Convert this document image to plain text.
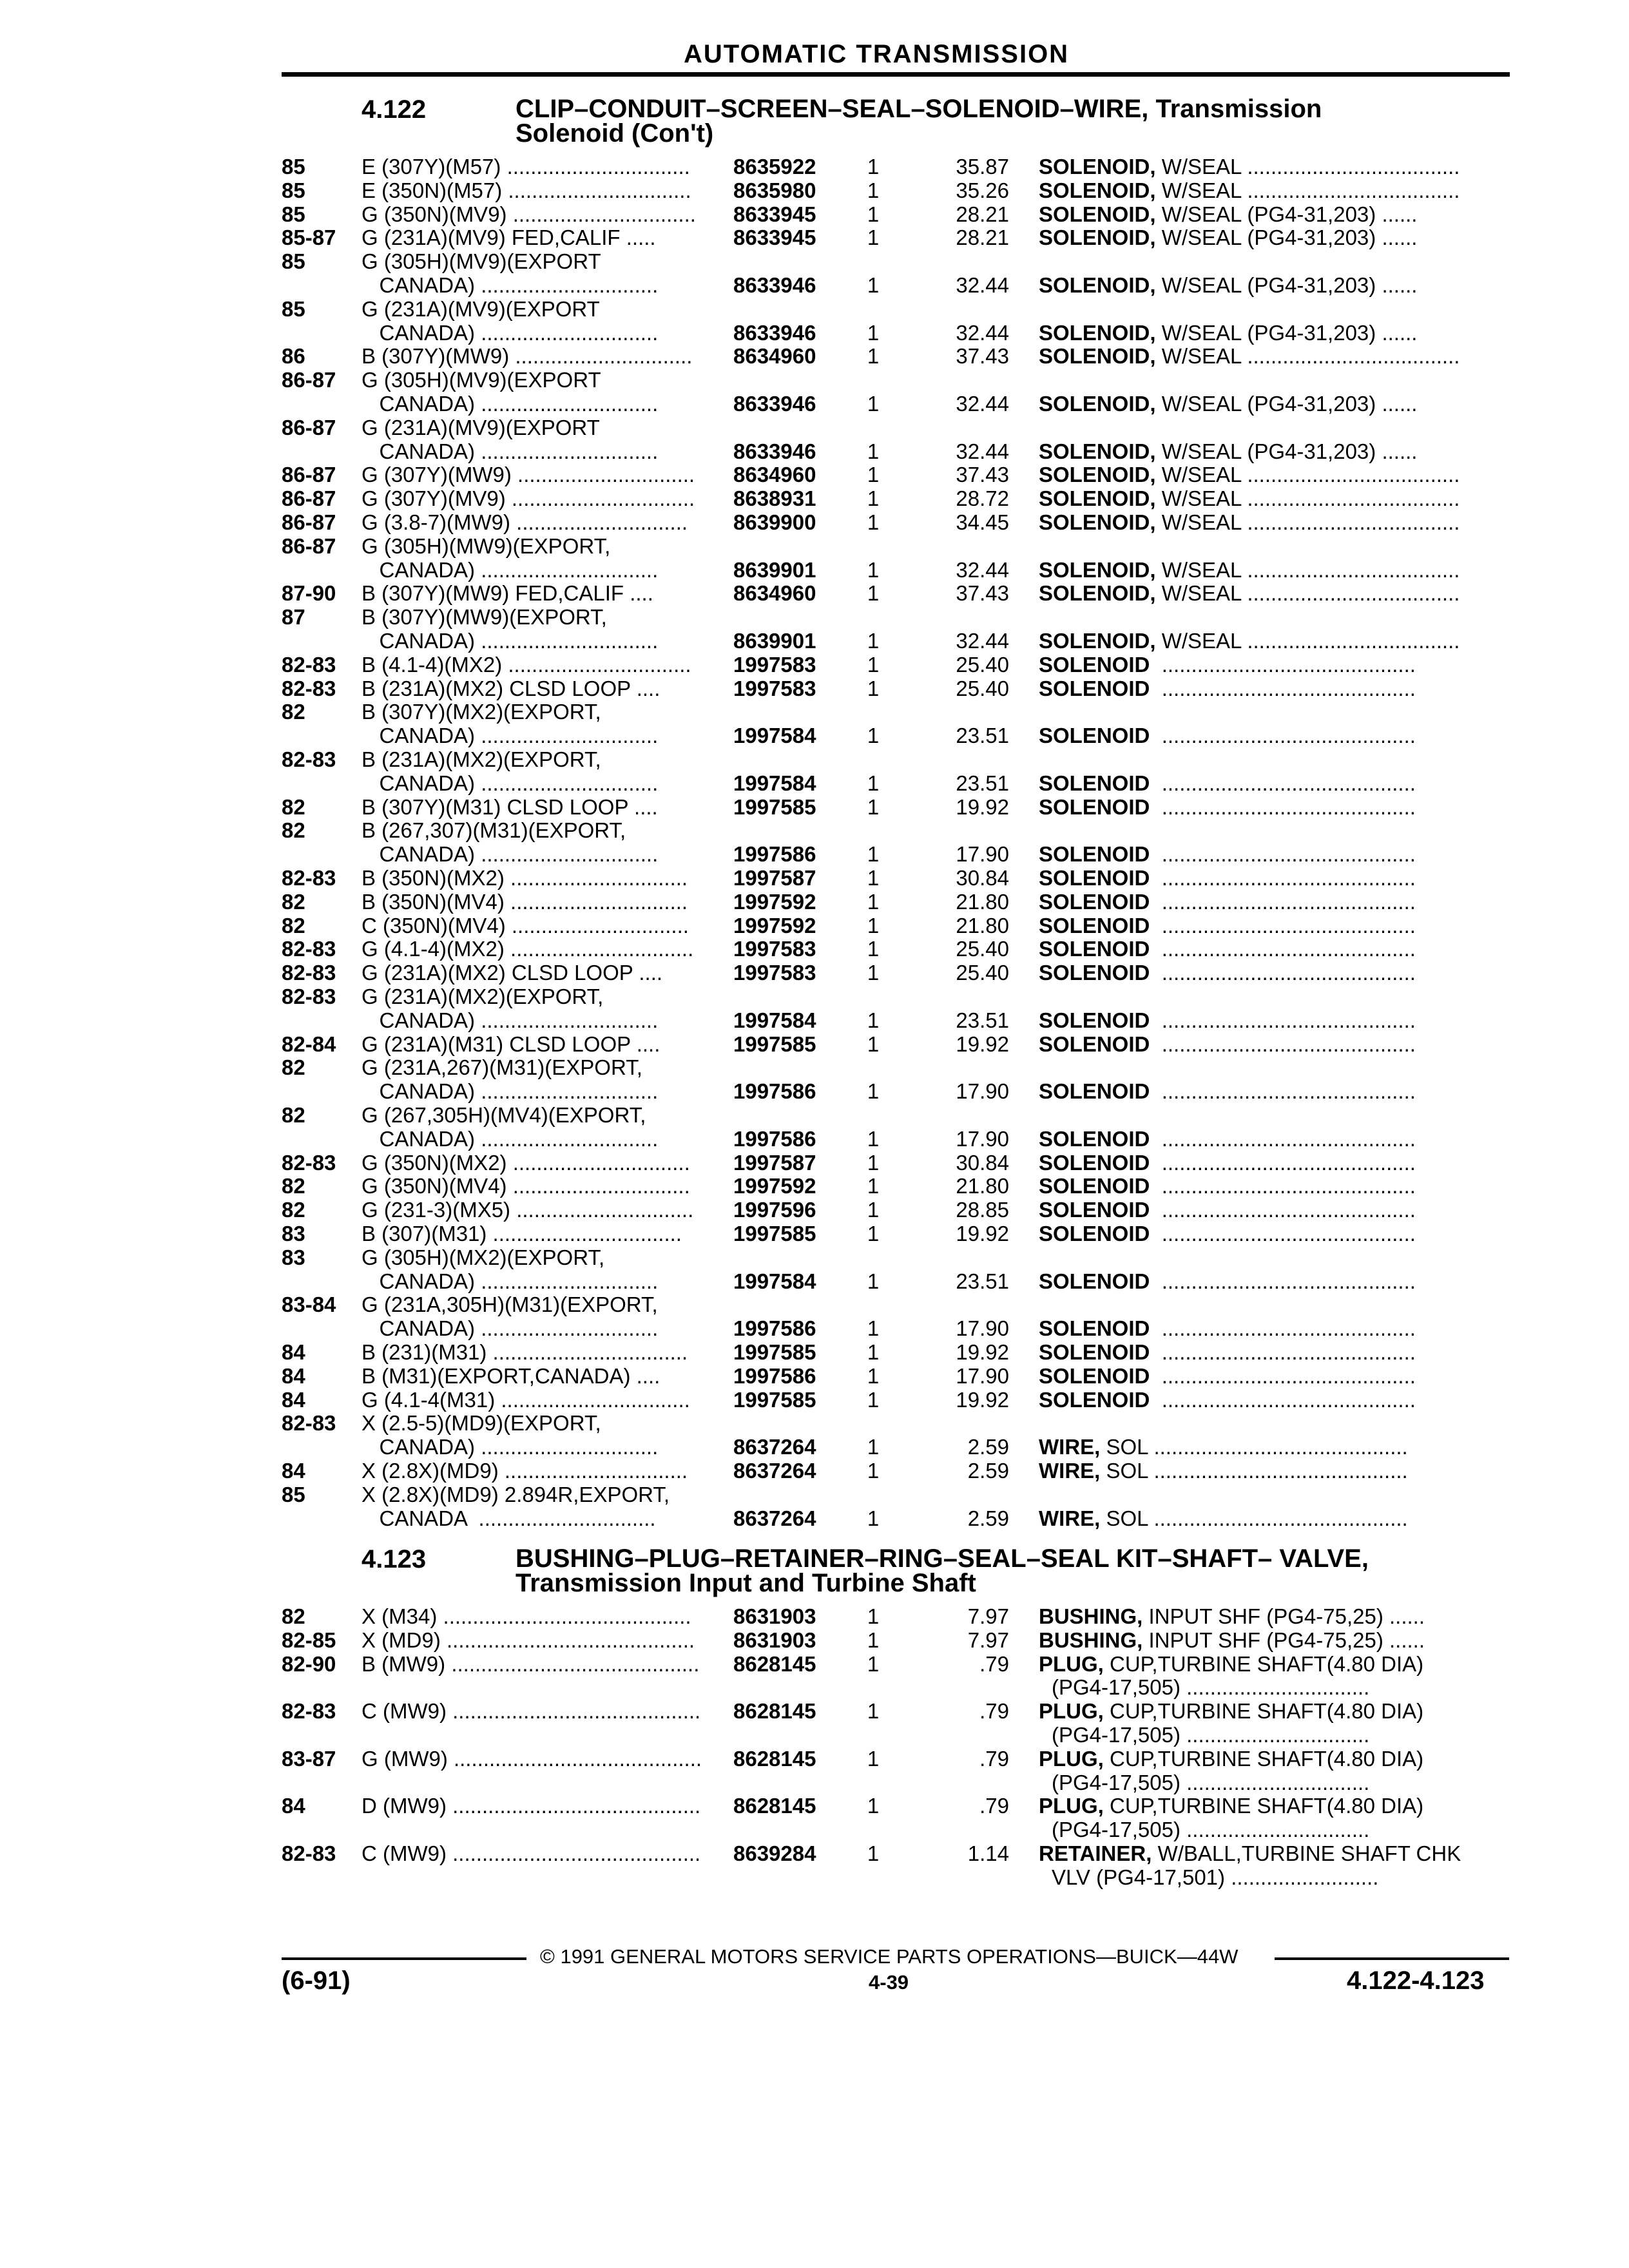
AUTOMATIC TRANSMISSION
4.122	CLIP–CONDUIT–SCREEN–SEAL–SOLENOID–WIRE, Transmission
Solenoid (Con't)
85	E (307Y)(M57) ...............................	8635922 1	35.87 SOLENOID, W/SEAL ....................................
85	E (350N)(M57) ...............................	8635980 1	35.26 SOLENOID, W/SEAL ....................................
85	G (350N)(MV9) ...............................	8633945 1	28.21 SOLENOID, W/SEAL (PG4-31,203) ......
85-87 G (231A)(MV9) FED,CALIF .....	8633945 1	28.21 SOLENOID, W/SEAL (PG4-31,203) ......
85	G (305H)(MV9)(EXPORT
CANADA) ..............................	8633946 1	32.44 SOLENOID, W/SEAL (PG4-31,203) ......
85	G (231A)(MV9)(EXPORT
CANADA) ..............................	8633946 1	32.44 SOLENOID, W/SEAL (PG4-31,203) ......
86	B (307Y)(MW9) ..............................	8634960 1	37.43 SOLENOID, W/SEAL ....................................
86-87 G (305H)(MV9)(EXPORT
CANADA) ..............................	8633946 1	32.44 SOLENOID, W/SEAL (PG4-31,203) ......
86-87 G (231A)(MV9)(EXPORT
CANADA) ..............................	8633946 1	32.44 SOLENOID, W/SEAL (PG4-31,203) ......
86-87 G (307Y)(MW9) ..............................	8634960 1	37.43 SOLENOID, W/SEAL ....................................
86-87 G (307Y)(MV9) ...............................	8638931 1	28.72 SOLENOID, W/SEAL ....................................
86-87 G (3.8-7)(MW9) .............................	8639900 1	34.45 SOLENOID, W/SEAL ....................................
86-87 G (305H)(MW9)(EXPORT,
CANADA) ..............................	8639901 1	32.44 SOLENOID, W/SEAL ....................................
87-90 B (307Y)(MW9) FED,CALIF ....	8634960 1	37.43 SOLENOID, W/SEAL ....................................
87	B (307Y)(MW9)(EXPORT,
CANADA) ..............................	8639901 1	32.44 SOLENOID, W/SEAL ....................................
82-83 B (4.1-4)(MX2) ...............................	1997583 1	25.40 SOLENOID  ...........................................
82-83 B (231A)(MX2) CLSD LOOP ....	1997583 1	25.40 SOLENOID  ...........................................
82	B (307Y)(MX2)(EXPORT,
CANADA) ..............................	1997584 1	23.51 SOLENOID  ...........................................
82-83 B (231A)(MX2)(EXPORT,
CANADA) ..............................	1997584 1	23.51 SOLENOID  ...........................................
82	B (307Y)(M31) CLSD LOOP ....	1997585 1	19.92 SOLENOID  ...........................................
82	B (267,307)(M31)(EXPORT,
CANADA) ..............................	1997586 1	17.90 SOLENOID  ...........................................
82-83 B (350N)(MX2) ..............................	1997587 1	30.84 SOLENOID  ...........................................
82	B (350N)(MV4) ..............................	1997592 1	21.80 SOLENOID  ...........................................
82	C (350N)(MV4) ..............................	1997592 1	21.80 SOLENOID  ...........................................
82-83 G (4.1-4)(MX2) ...............................	1997583 1	25.40 SOLENOID  ...........................................
82-83 G (231A)(MX2) CLSD LOOP ....	1997583 1	25.40 SOLENOID  ...........................................
82-83 G (231A)(MX2)(EXPORT,
CANADA) ..............................	1997584 1	23.51 SOLENOID  ...........................................
82-84 G (231A)(M31) CLSD LOOP ....	1997585 1	19.92 SOLENOID  ...........................................
82	G (231A,267)(M31)(EXPORT,
CANADA) ..............................	1997586 1	17.90 SOLENOID  ...........................................
82	G (267,305H)(MV4)(EXPORT,
CANADA) ..............................	1997586 1	17.90 SOLENOID  ...........................................
82-83 G (350N)(MX2) ..............................	1997587 1	30.84 SOLENOID  ...........................................
82	G (350N)(MV4) ..............................	1997592 1	21.80 SOLENOID  ...........................................
82	G (231-3)(MX5) ..............................	1997596 1	28.85 SOLENOID  ...........................................
83	B (307)(M31) ................................	1997585 1	19.92 SOLENOID  ...........................................
83	G (305H)(MX2)(EXPORT,
CANADA) ..............................	1997584 1	23.51 SOLENOID  ...........................................
83-84 G (231A,305H)(M31)(EXPORT,
CANADA) ..............................	1997586 1	17.90 SOLENOID  ...........................................
84	B (231)(M31) .................................	1997585 1	19.92 SOLENOID  ...........................................
84	B (M31)(EXPORT,CANADA) ....	1997586 1	17.90 SOLENOID  ...........................................
84	G (4.1-4(M31) ................................	1997585 1	19.92 SOLENOID  ...........................................
82-83 X (2.5-5)(MD9)(EXPORT,
CANADA) ..............................	8637264 1	2.59 WIRE, SOL ...........................................
84	X (2.8X)(MD9) ...............................	8637264 1	2.59 WIRE, SOL ...........................................
85	X (2.8X)(MD9) 2.894R,EXPORT,
CANADA  ..............................	8637264 1	2.59 WIRE, SOL ...........................................
4.123	BUSHING–PLUG–RETAINER–RING–SEAL–SEAL KIT–SHAFT– VALVE,
Transmission Input and Turbine Shaft
82	X (M34) ..........................................	8631903 1	7.97 BUSHING, INPUT SHF (PG4-75,25) ......
82-85 X (MD9) ..........................................	8631903 1	7.97 BUSHING, INPUT SHF (PG4-75,25) ......
82-90 B (MW9) .......................................... 8628145 1	.79 PLUG, CUP,TURBINE SHAFT(4.80 DIA)
(PG4-17,505) ...............................
82-83 C (MW9) .......................................... 8628145 1	.79 PLUG, CUP,TURBINE SHAFT(4.80 DIA)
(PG4-17,505) ...............................
83-87 G (MW9) .......................................... 8628145 1	.79 PLUG, CUP,TURBINE SHAFT(4.80 DIA)
(PG4-17,505) ...............................
84	D (MW9) .......................................... 8628145 1	.79 PLUG, CUP,TURBINE SHAFT(4.80 DIA)
(PG4-17,505) ...............................
82-83 C (MW9) .......................................... 8639284 1	1.14 RETAINER, W/BALL,TURBINE SHAFT CHK
VLV (PG4-17,501) .........................
© 1991 GENERAL MOTORS SERVICE PARTS OPERATIONS—BUICK—44W
(6-91)	4-39	4.122-4.123
